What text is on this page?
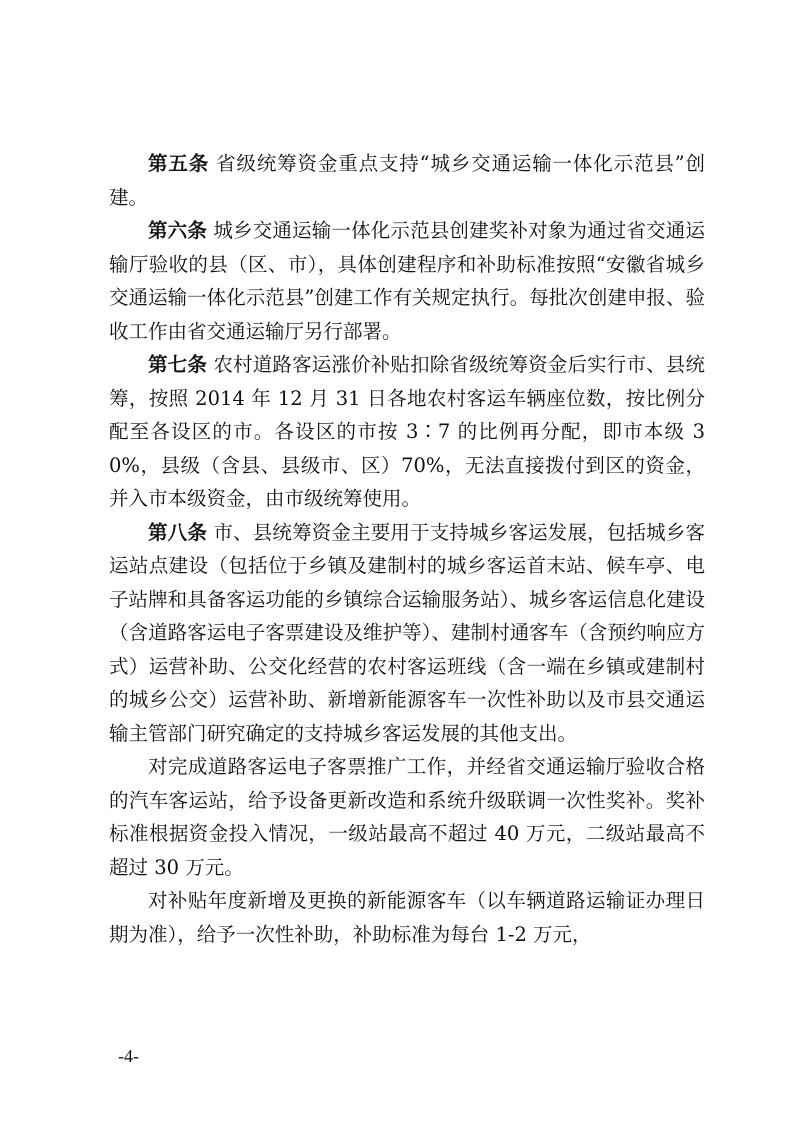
第五条 省级统筹资金重点支持“城乡交通运输一体化示范县”创建。

第六条 城乡交通运输一体化示范县创建奖补对象为通过省交通运输厅验收的县（区、市），具体创建程序和补助标准按照“安徽省城乡交通运输一体化示范县”创建工作有关规定执行。每批次创建申报、验收工作由省交通运输厅另行部署。

第七条 农村道路客运涨价补贴扣除省级统筹资金后实行市、县统筹，按照 2014 年 12 月 31 日各地农村客运车辆座位数，按比例分配至各设区的市。各设区的市按 3∶7 的比例再分配，即市本级 30%，县级（含县、县级市、区）70%，无法直接拨付到区的资金，并入市本级资金，由市级统筹使用。

第八条 市、县统筹资金主要用于支持城乡客运发展，包括城乡客运站点建设（包括位于乡镇及建制村的城乡客运首末站、候车亭、电子站牌和具备客运功能的乡镇综合运输服务站）、城乡客运信息化建设（含道路客运电子客票建设及维护等）、建制村通客车（含预约响应方式）运营补助、公交化经营的农村客运班线（含一端在乡镇或建制村的城乡公交）运营补助、新增新能源客车一次性补助以及市县交通运输主管部门研究确定的支持城乡客运发展的其他支出。

对完成道路客运电子客票推广工作，并经省交通运输厅验收合格的汽车客运站，给予设备更新改造和系统升级联调一次性奖补。奖补标准根据资金投入情况，一级站最高不超过 40 万元，二级站最高不超过 30 万元。

对补贴年度新增及更换的新能源客车（以车辆道路运输证办理日期为准），给予一次性补助，补助标准为每台 1-2 万元，

-4-
